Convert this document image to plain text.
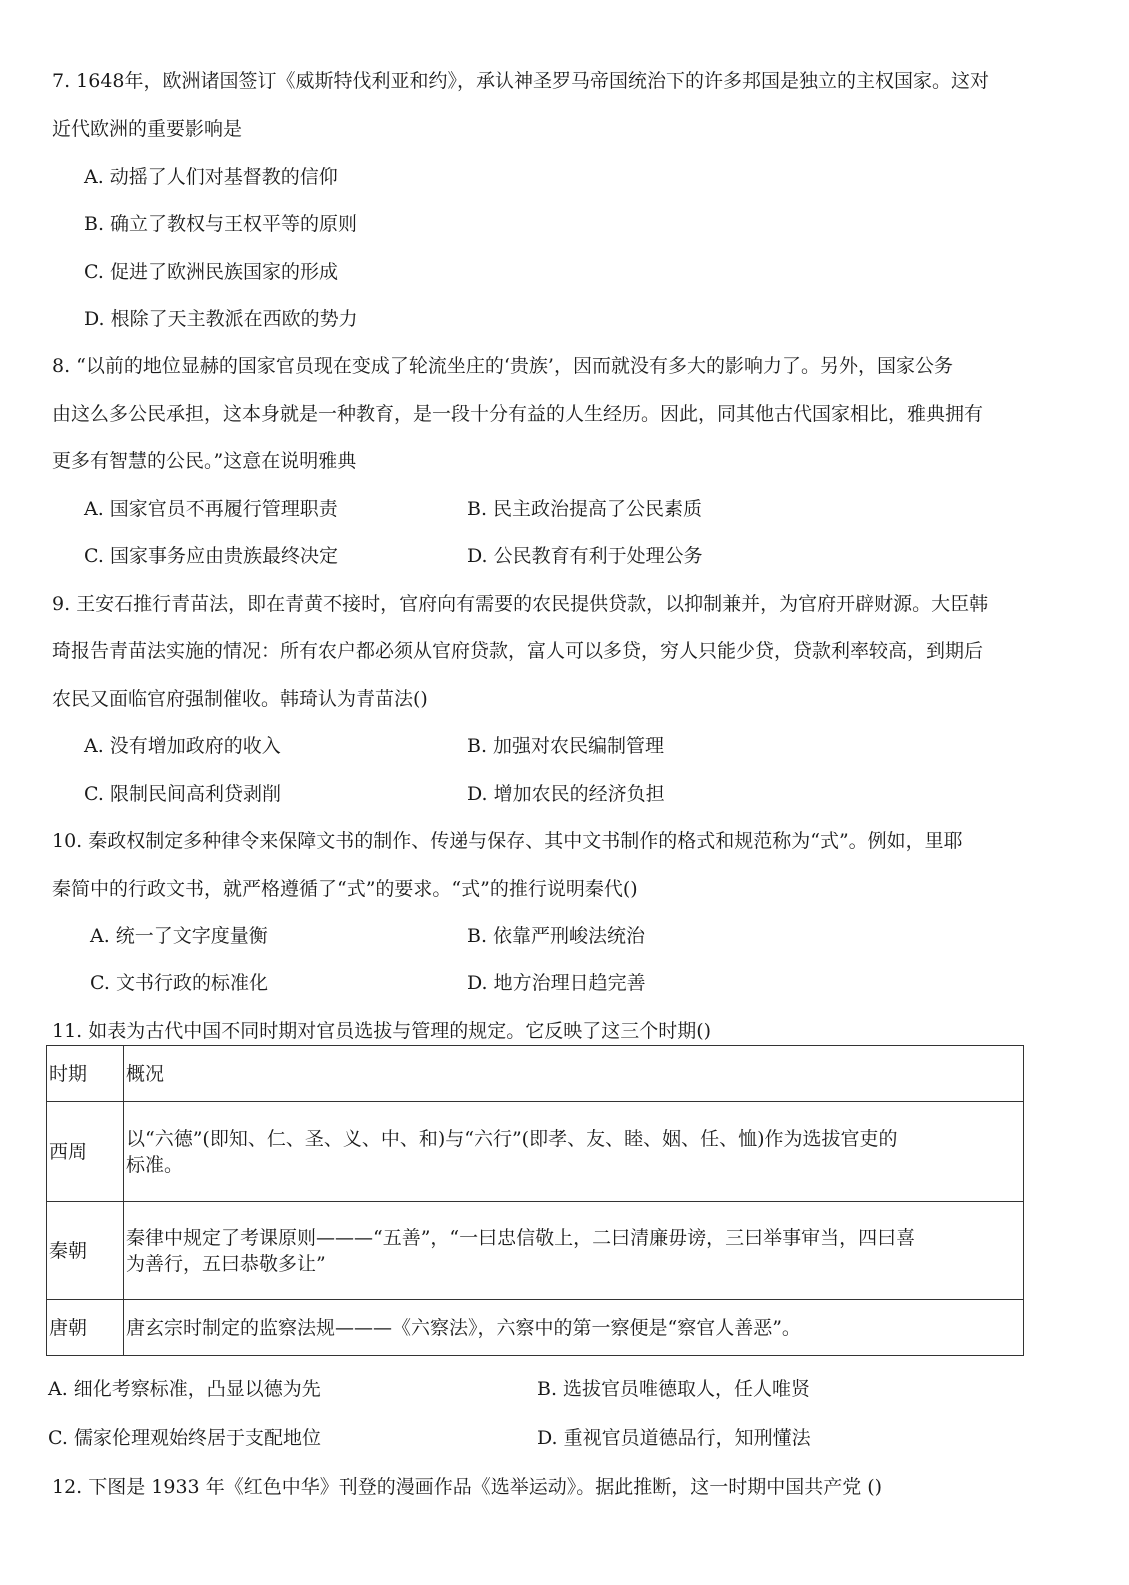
7. 1648年，欧洲诸国签订《威斯特伐利亚和约》，承认神圣罗马帝国统治下的许多邦国是独立的主权国家。这对
近代欧洲的重要影响是
A. 动摇了人们对基督教的信仰
B. 确立了教权与王权平等的原则
C. 促进了欧洲民族国家的形成
D. 根除了天主教派在西欧的势力
8. “以前的地位显赫的国家官员现在变成了轮流坐庄的‘贵族’，因而就没有多大的影响力了。另外，国家公务
由这么多公民承担，这本身就是一种教育，是一段十分有益的人生经历。因此，同其他古代国家相比，雅典拥有
更多有智慧的公民。”这意在说明雅典
A. 国家官员不再履行管理职责	B. 民主政治提高了公民素质
C. 国家事务应由贵族最终决定	D. 公民教育有利于处理公务
9. 王安石推行青苗法，即在青黄不接时，官府向有需要的农民提供贷款，以抑制兼并，为官府开辟财源。大臣韩
琦报告青苗法实施的情况：所有农户都必须从官府贷款，富人可以多贷，穷人只能少贷，贷款利率较高，到期后
农民又面临官府强制催收。韩琦认为青苗法()
A. 没有增加政府的收入	B. 加强对农民编制管理
C. 限制民间高利贷剥削	D. 增加农民的经济负担
10. 秦政权制定多种律令来保障文书的制作、传递与保存、其中文书制作的格式和规范称为“式”。例如，里耶
秦简中的行政文书，就严格遵循了“式”的要求。“式”的推行说明秦代()
A. 统一了文字度量衡	B. 依靠严刑峻法统治
C. 文书行政的标准化	D. 地方治理日趋完善
11. 如表为古代中国不同时期对官员选拔与管理的规定。它反映了这三个时期()
时期	概况
西周	以“六德”(即知、仁、圣、义、中、和)与“六行”(即孝、友、睦、姻、任、恤)作为选拔官吏的
标准。

秦朝	秦律中规定了考课原则———“五善”，“一曰忠信敬上，二曰清廉毋谤，三曰举事审当，四曰喜
为善行，五曰恭敬多让”

唐朝	唐玄宗时制定的监察法规———《六察法》，六察中的第一察便是“察官人善恶”。
A. 细化考察标准，凸显以德为先	B. 选拔官员唯德取人，任人唯贤
C. 儒家伦理观始终居于支配地位	D. 重视官员道德品行，知刑懂法
12. 下图是 1933 年《红色中华》刊登的漫画作品《选举运动》。据此推断，这一时期中国共产党 ()
